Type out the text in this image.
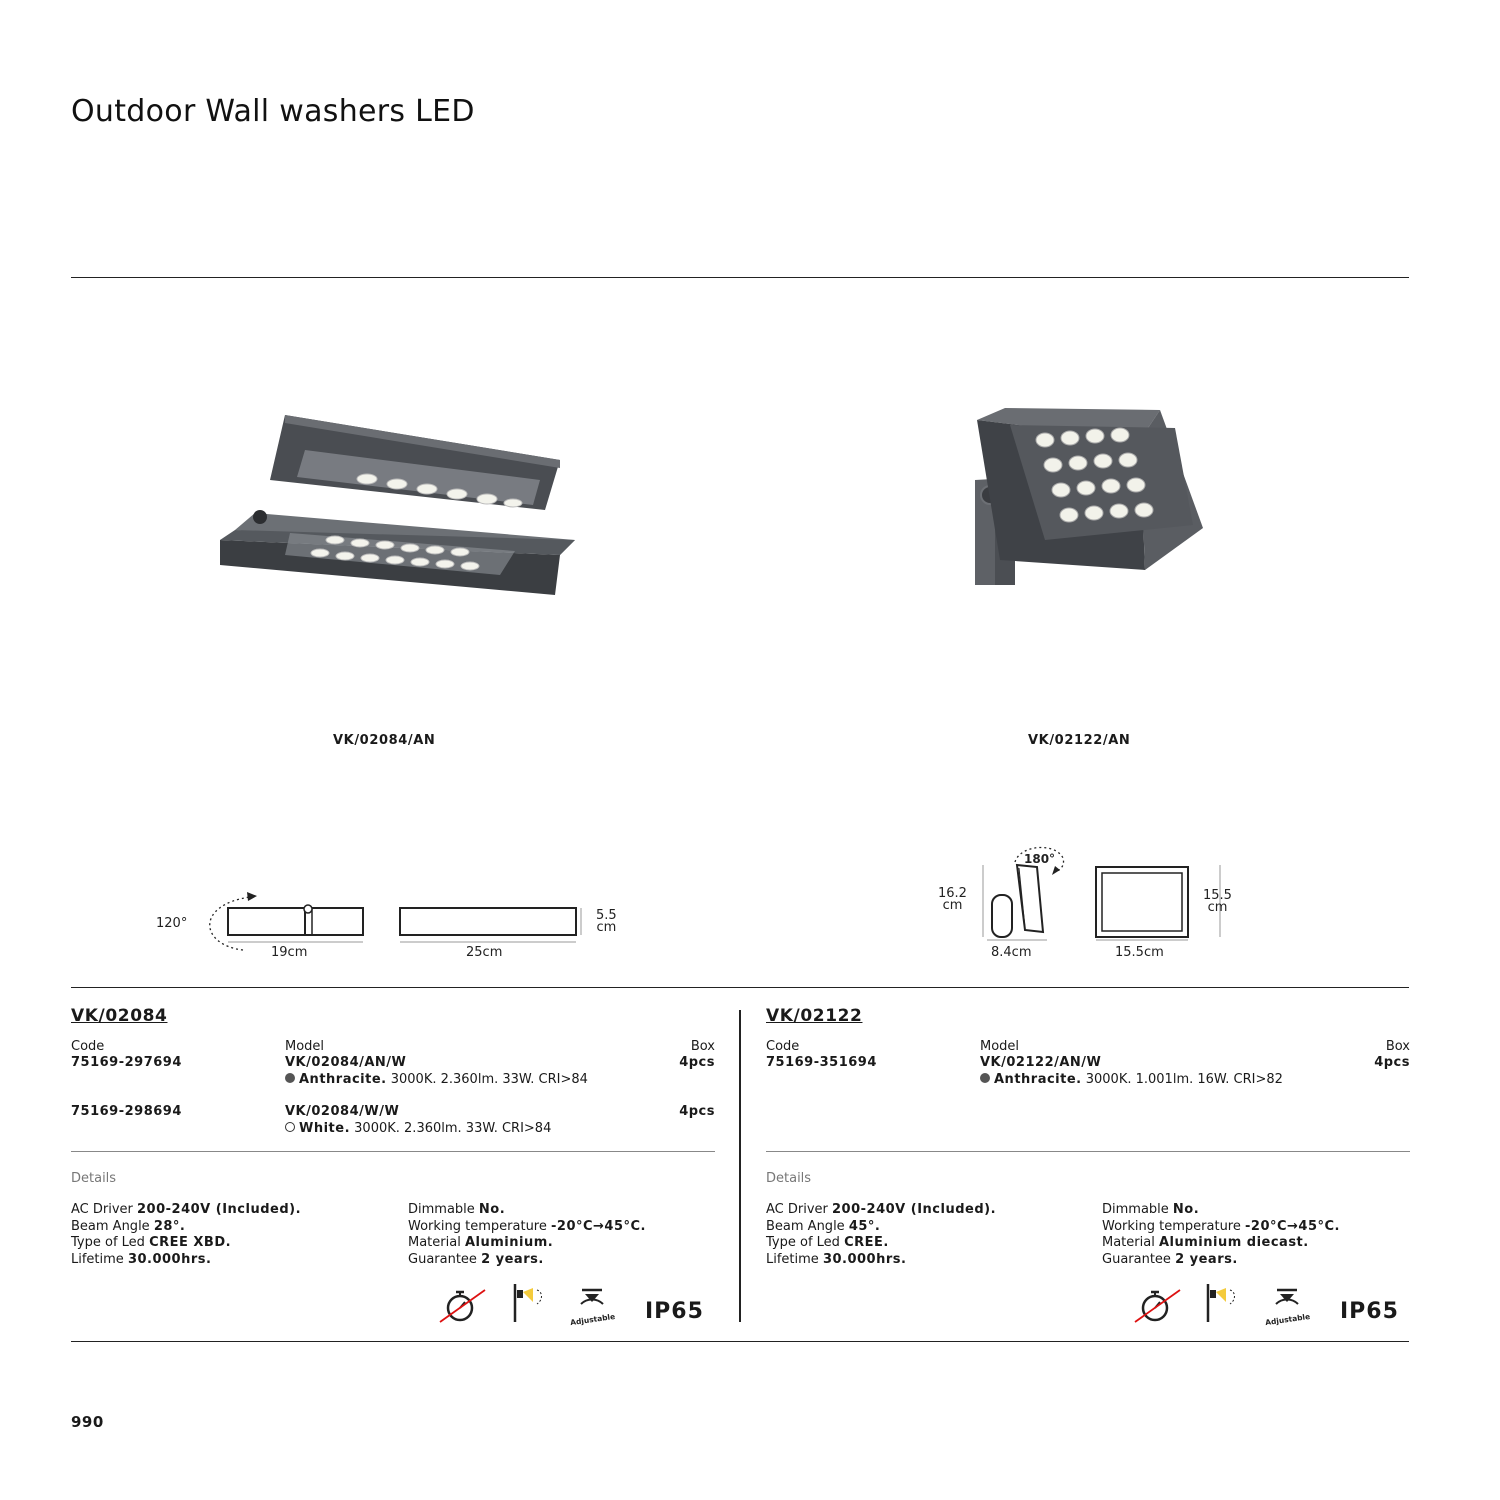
Outdoor Wall washers LED
VK/02084/AN	VK/02122/AN
120°
19cm	25cm
5.5
cm
180°
16.2
cm
8.4cm	15.5cm
15.5
cm
VK/02084
Code	Model	Box
75169-297694	VK/02084/AN/W	4pcs
Anthracite. 3000K. 2.360lm. 33W. CRI>84
75169-298694	VK/02084/W/W	4pcs
White. 3000K. 2.360lm. 33W. CRI>84
Details
AC Driver 200-240V (Included).
Beam Angle 28°.
Type of Led CREE XBD.
Lifetime 30.000hrs.
Dimmable No.
Working temperature -20°C→45°C.
Material Aluminium.
Guarantee 2 years.
Adjustable IP65
VK/02122
Code	Model	Box
75169-351694	VK/02122/AN/W	4pcs
Anthracite. 3000K. 1.001lm. 16W. CRI>82
Details
AC Driver 200-240V (Included).
Beam Angle 45°.
Type of Led CREE.
Lifetime 30.000hrs.
Dimmable No.
Working temperature -20°C→45°C.
Material Aluminium diecast.
Guarantee 2 years.
Adjustable IP65
990
